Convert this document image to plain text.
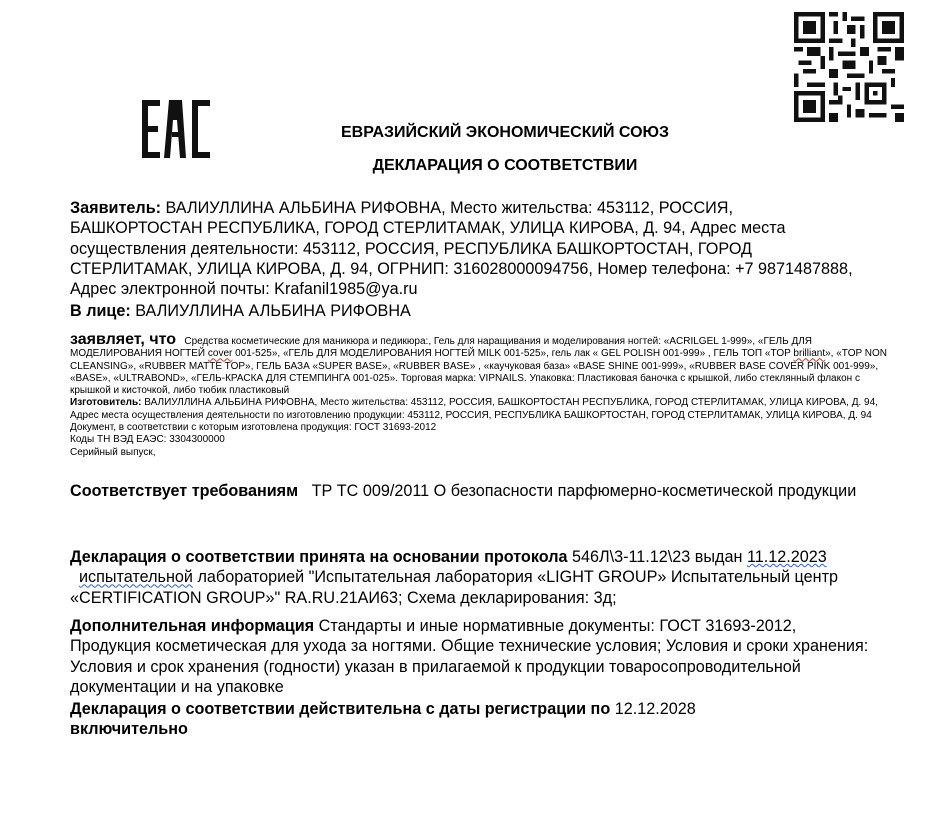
ЕВРАЗИЙСКИЙ ЭКОНОМИЧЕСКИЙ СОЮЗ
ДЕКЛАРАЦИЯ О СООТВЕТСТВИИ
Заявитель: ВАЛИУЛЛИНА АЛЬБИНА РИФОВНА, Место жительства: 453112, РОССИЯ, БАШКОРТОСТАН РЕСПУБЛИКА, ГОРОД СТЕРЛИТАМАК, УЛИЦА КИРОВА, Д. 94, Адрес места осуществления деятельности: 453112, РОССИЯ, РЕСПУБЛИКА БАШКОРТОСТАН, ГОРОД СТЕРЛИТАМАК, УЛИЦА КИРОВА, Д. 94, ОГРНИП: 316028000094756, Номер телефона: +7 9871487888, Адрес электронной почты: Krafanil1985@ya.ru
В лице: ВАЛИУЛЛИНА АЛЬБИНА РИФОВНА
заявляет, что Средства косметические для маникюра и педикюра:, Гель для наращивания и моделирования ногтей: «ACRILGEL 1-999», «ГЕЛЬ ДЛЯ МОДЕЛИРОВАНИЯ НОГТЕЙ cover 001-525», «ГЕЛЬ ДЛЯ МОДЕЛИРОВАНИЯ НОГТЕЙ MILK 001-525», гель лак « GEL POLISH 001-999» , ГЕЛЬ ТОП «TOP brilliant», «TOP NON CLEANSING», «RUBBER MATTE TOP», ГЕЛЬ БАЗА «SUPER BASE», «RUBBER BASE» , «каучуковая база» «BASE SHINE 001-999», «RUBBER BASE COVER PINK 001-999», «BASE», «ULTRABOND», «ГЕЛЬ-КРАСКА ДЛЯ СТЕМПИНГА 001-025». Торговая марка: VIPNAILS. Упаковка: Пластиковая баночка с крышкой, либо стеклянный флакон с крышкой и кисточкой, либо тюбик пластиковый
Изготовитель: ВАЛИУЛЛИНА АЛЬБИНА РИФОВНА, Место жительства: 453112, РОССИЯ, БАШКОРТОСТАН РЕСПУБЛИКА, ГОРОД СТЕРЛИТАМАК, УЛИЦА КИРОВА, Д. 94, Адрес места осуществления деятельности по изготовлению продукции: 453112, РОССИЯ, РЕСПУБЛИКА БАШКОРТОСТАН, ГОРОД СТЕРЛИТАМАК, УЛИЦА КИРОВА, Д. 94
Документ, в соответствии с которым изготовлена продукция: ГОСТ 31693-2012
Коды ТН ВЭД ЕАЭС: 3304300000
Серийный выпуск,
Соответствует требованиям ТР ТС 009/2011 О безопасности парфюмерно-косметической продукции
Декларация о соответствии принята на основании протокола 546Л\3-11.12\23 выдан 11.12.2023  испытательной лабораторией "Испытательная лаборатория «LIGHT GROUP» Испытательный центр «CERTIFICATION GROUP»" RA.RU.21АИ63; Схема декларирования: 3д;
Дополнительная информация Стандарты и иные нормативные документы: ГОСТ 31693-2012, Продукция косметическая для ухода за ногтями. Общие технические условия; Условия и сроки хранения: Условия и срок хранения (годности) указан в прилагаемой к продукции товаросопроводительной документации и на упаковке
Декларация о соответствии действительна с даты регистрации по 12.12.2028
включительно
